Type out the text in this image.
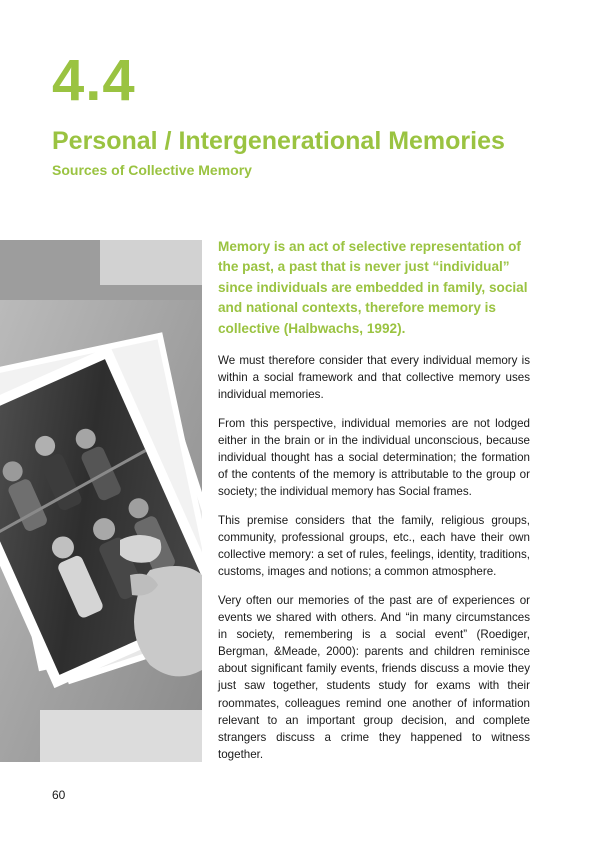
4.4
Personal / Intergenerational Memories
Sources of Collective Memory

Memory is an act of selective representation of the past, a past that is never just “individual” since individuals are embedded in family, social and national contexts, therefore memory is collective (Halbwachs, 1992).

We must therefore consider that every individual memory is within a social framework and that collective memory uses individual memories.

From this perspective, individual memories are not lodged either in the brain or in the individual unconscious, because individual thought has a social determination; the formation of the contents of the memory is attributable to the group or society; the individual memory has Social frames.

This premise considers that the family, religious groups, community, professional groups, etc., each have their own collective memory: a set of rules, feelings, identity, traditions, customs, images and notions; a common atmosphere.

Very often our memories of the past are of experiences or events we shared with others. And “in many circumstances in society, remembering is a social event” (Roediger, Bergman, &Meade, 2000): parents and children reminisce about significant family events, friends discuss a movie they just saw together, students study for exams with their roommates, colleagues remind one another of information relevant to an important group decision, and complete strangers discuss a crime they happened to witness together.

60
